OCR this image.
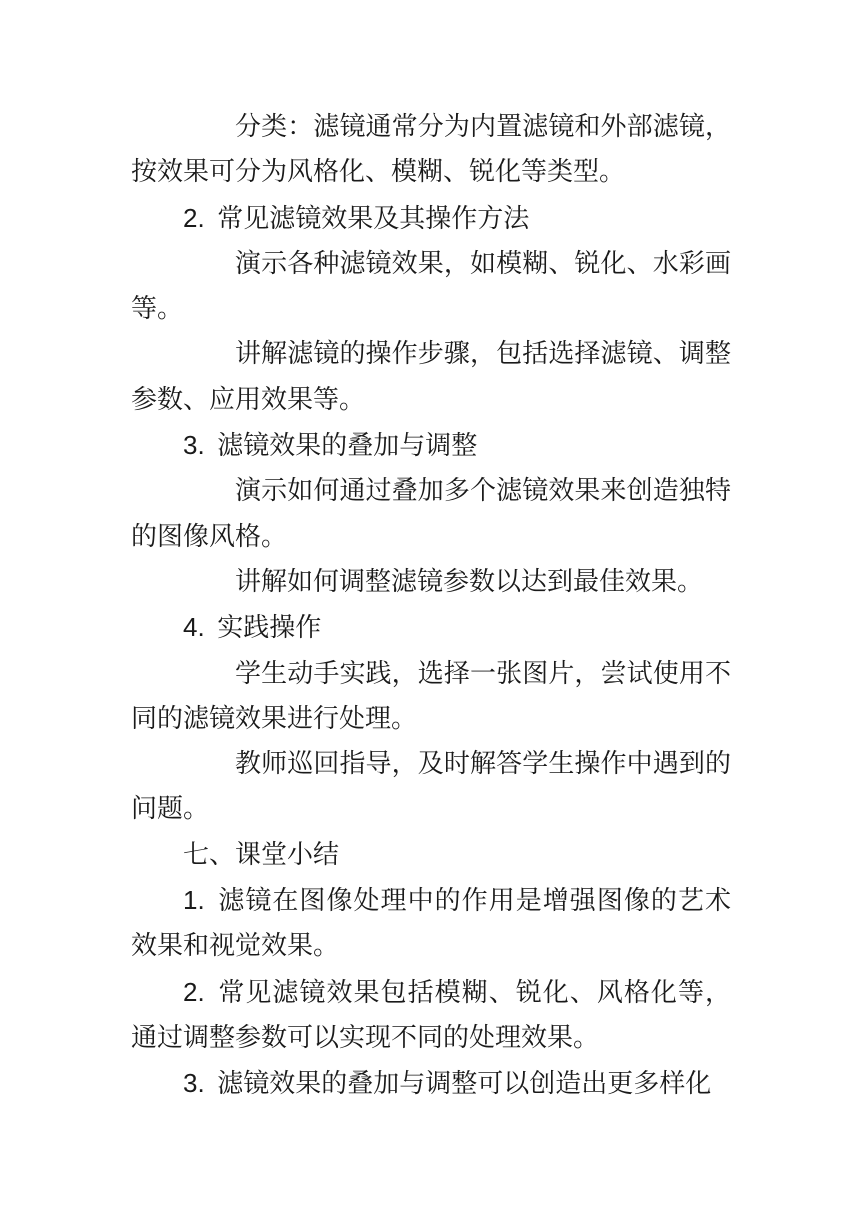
分类：滤镜通常分为内置滤镜和外部滤镜，按效果可分为风格化、模糊、锐化等类型。

2. 常见滤镜效果及其操作方法

演示各种滤镜效果，如模糊、锐化、水彩画等。

讲解滤镜的操作步骤，包括选择滤镜、调整参数、应用效果等。

3. 滤镜效果的叠加与调整

演示如何通过叠加多个滤镜效果来创造独特的图像风格。

讲解如何调整滤镜参数以达到最佳效果。

4. 实践操作

学生动手实践，选择一张图片，尝试使用不同的滤镜效果进行处理。

教师巡回指导，及时解答学生操作中遇到的问题。

七、课堂小结

1. 滤镜在图像处理中的作用是增强图像的艺术效果和视觉效果。

2. 常见滤镜效果包括模糊、锐化、风格化等，通过调整参数可以实现不同的处理效果。

3. 滤镜效果的叠加与调整可以创造出更多样化
